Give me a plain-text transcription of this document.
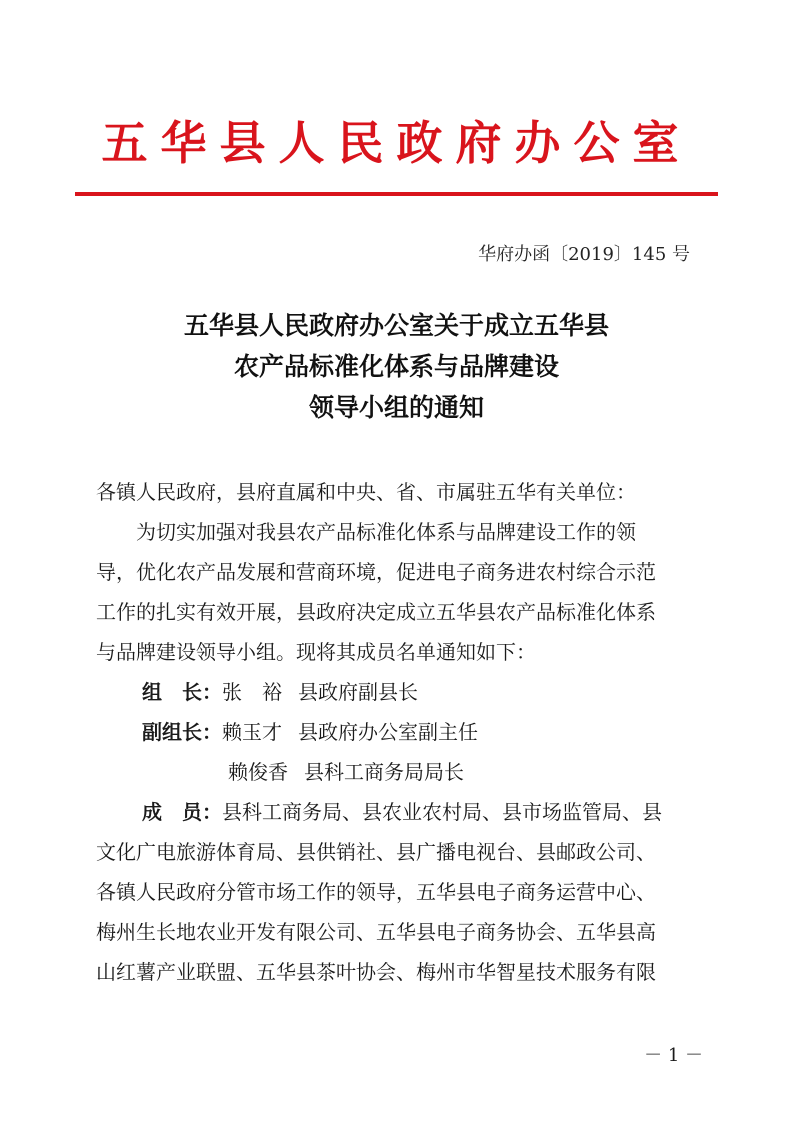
五华县人民政府办公室
华府办函〔2019〕145 号
五华县人民政府办公室关于成立五华县
农产品标准化体系与品牌建设
领导小组的通知
各镇人民政府，县府直属和中央、省、市属驻五华有关单位：
为切实加强对我县农产品标准化体系与品牌建设工作的领
导，优化农产品发展和营商环境，促进电子商务进农村综合示范
工作的扎实有效开展，县政府决定成立五华县农产品标准化体系
与品牌建设领导小组。现将其成员名单通知如下：
组 长：张 裕 县政府副县长
副组长：赖玉才 县政府办公室副主任
赖俊香 县科工商务局局长
成 员：县科工商务局、县农业农村局、县市场监管局、县
文化广电旅游体育局、县供销社、县广播电视台、县邮政公司、
各镇人民政府分管市场工作的领导，五华县电子商务运营中心、
梅州生长地农业开发有限公司、五华县电子商务协会、五华县高
山红薯产业联盟、五华县茶叶协会、梅州市华智星技术服务有限
－ 1 －
